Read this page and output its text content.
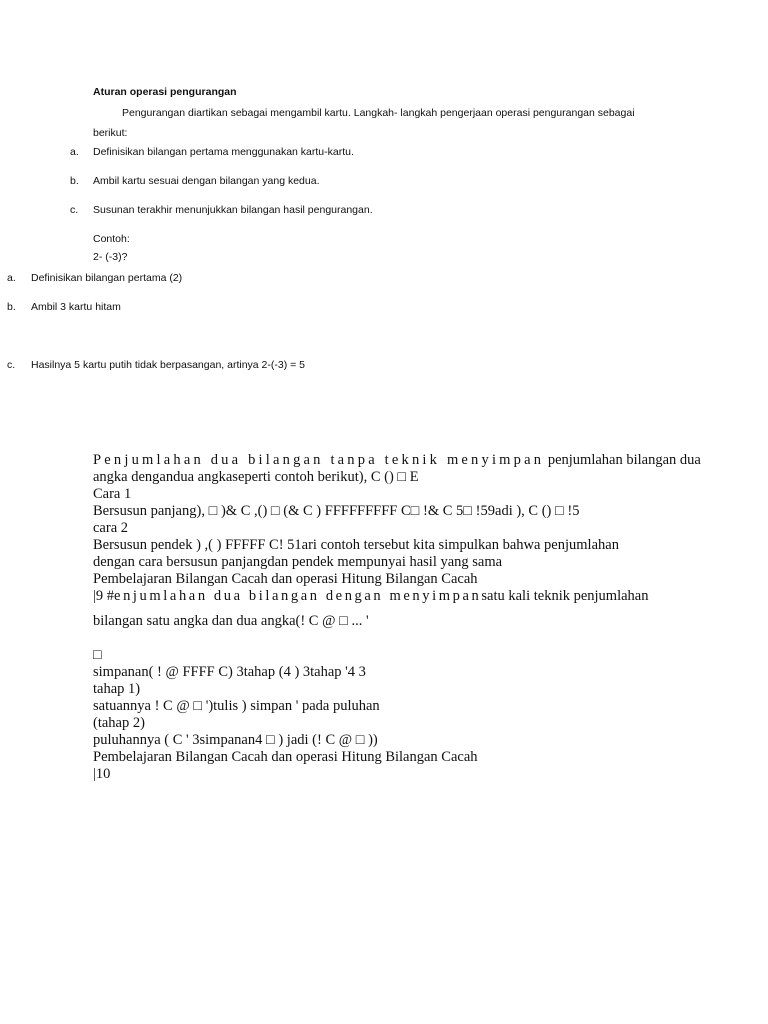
Aturan operasi pengurangan
Pengurangan diartikan sebagai mengambil kartu. Langkah- langkah pengerjaan operasi pengurangan sebagai
berikut:
a. Definisikan bilangan pertama menggunakan kartu-kartu.
b. Ambil kartu sesuai dengan bilangan yang kedua.
c. Susunan terakhir menunjukkan bilangan hasil pengurangan.
Contoh:
2- (-3)?
a. Definisikan bilangan pertama (2)
b. Ambil 3 kartu hitam
c. Hasilnya 5 kartu putih tidak berpasangan, artinya 2-(-3) = 5
Penjumlahan dua bilangan tanpa teknik menyimpan penjumlahan bilangan dua
angka dengandua angkaseperti contoh berikut), C () □ E
Cara 1
Bersusun panjang), □ )& C ,() □ (& C ) FFFFFFFFF C□ !& C 5□ !59adi ), C () □ !5
cara 2
Bersusun pendek ) ,( ) FFFFF C! 51ari contoh tersebut kita simpulkan bahwa penjumlahan
dengan cara bersusun panjangdan pendek mempunyai hasil yang sama
Pembelajaran Bilangan Cacah dan operasi Hitung Bilangan Cacah
|9 #enjumlahan dua bilangan dengan menyimpansatu kali teknik penjumlahan
bilangan satu angka dan dua angka(! C @ □ ... '
□
simpanan( ! @ FFFF C) 3tahap (4 ) 3tahap '4 3
tahap 1)
satuannya ! C @ □ ')tulis ) simpan ' pada puluhan
(tahap 2)
puluhannya ( C ' 3simpanan4 □ ) jadi (! C @ □ ))
Pembelajaran Bilangan Cacah dan operasi Hitung Bilangan Cacah
|10
